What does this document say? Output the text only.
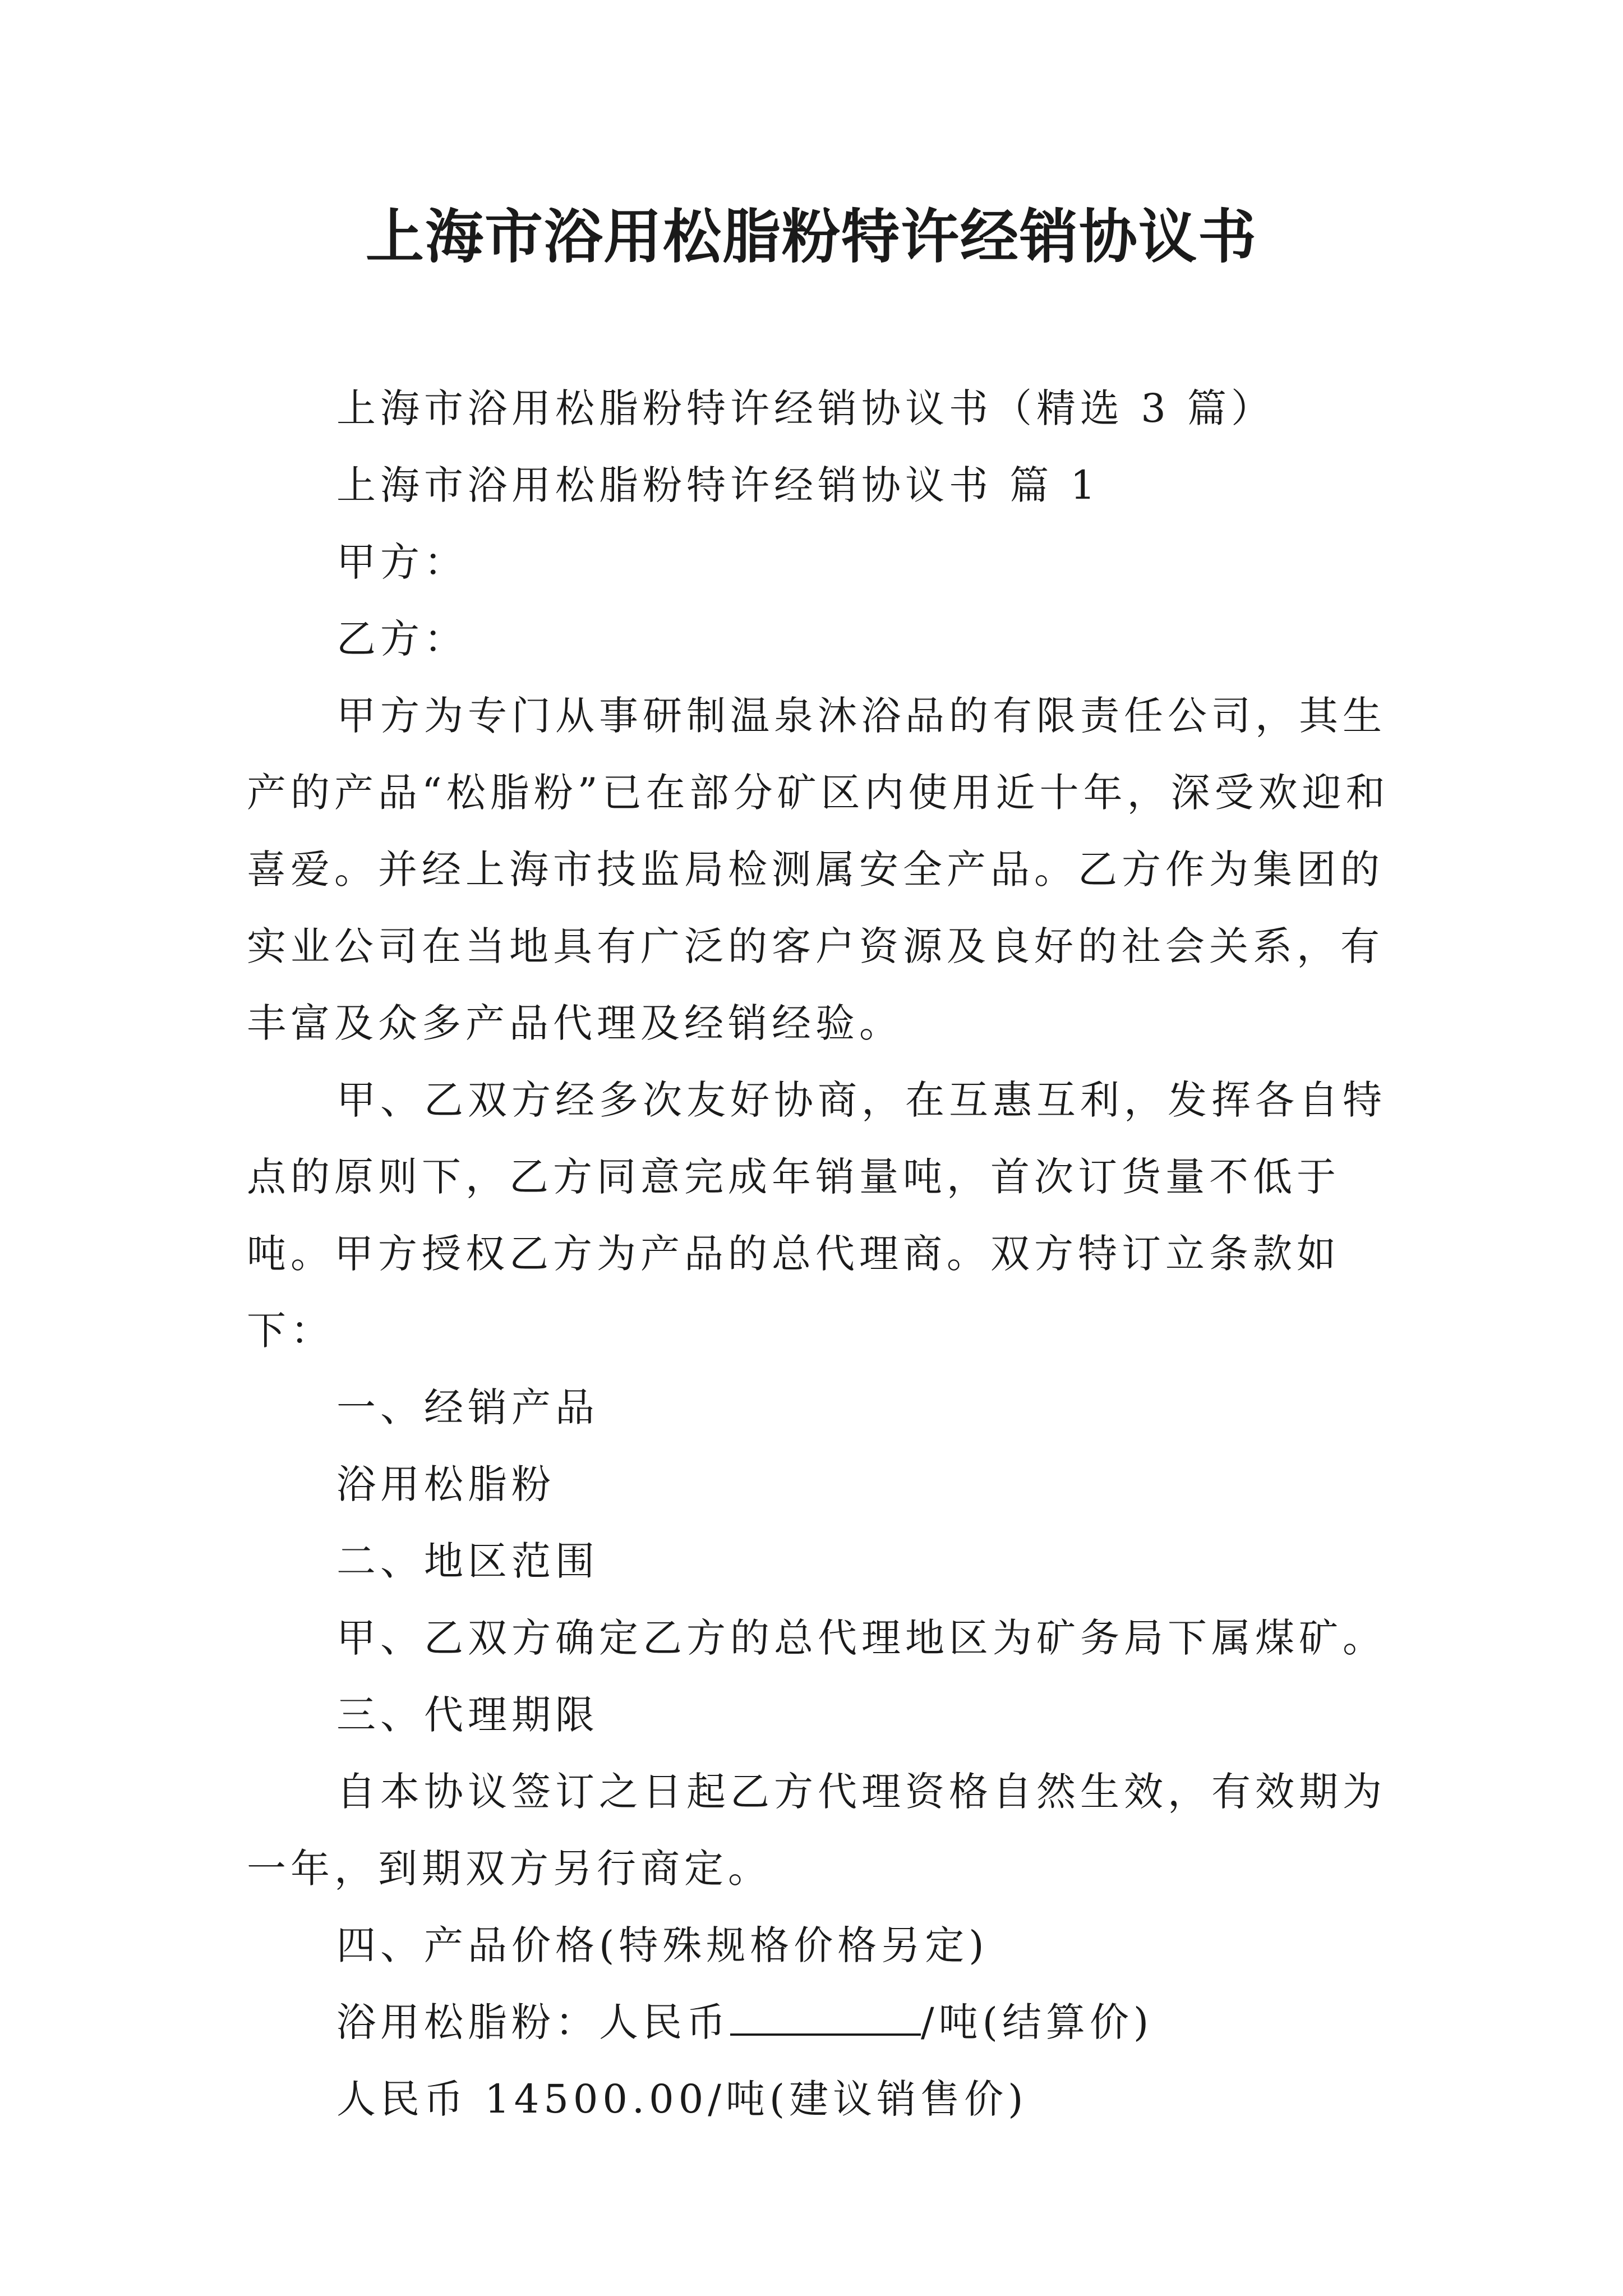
上海市浴用松脂粉特许经销协议书

上海市浴用松脂粉特许经销协议书（精选 3 篇）

上海市浴用松脂粉特许经销协议书 篇 1

甲方：

乙方：

甲方为专门从事研制温泉沐浴品的有限责任公司，其生产的产品“松脂粉”已在部分矿区内使用近十年，深受欢迎和喜爱。并经上海市技监局检测属安全产品。乙方作为集团的实业公司在当地具有广泛的客户资源及良好的社会关系，有丰富及众多产品代理及经销经验。

甲、乙双方经多次友好协商，在互惠互利，发挥各自特点的原则下，乙方同意完成年销量吨，首次订货量不低于吨。甲方授权乙方为产品的总代理商。双方特订立条款如下：

一、经销产品

浴用松脂粉

二、地区范围

甲、乙双方确定乙方的总代理地区为矿务局下属煤矿。

三、代理期限

自本协议签订之日起乙方代理资格自然生效，有效期为一年，到期双方另行商定。

四、产品价格(特殊规格价格另定)

浴用松脂粉：人民币	/吨(结算价)

人民币 14500.00/吨(建议销售价)
